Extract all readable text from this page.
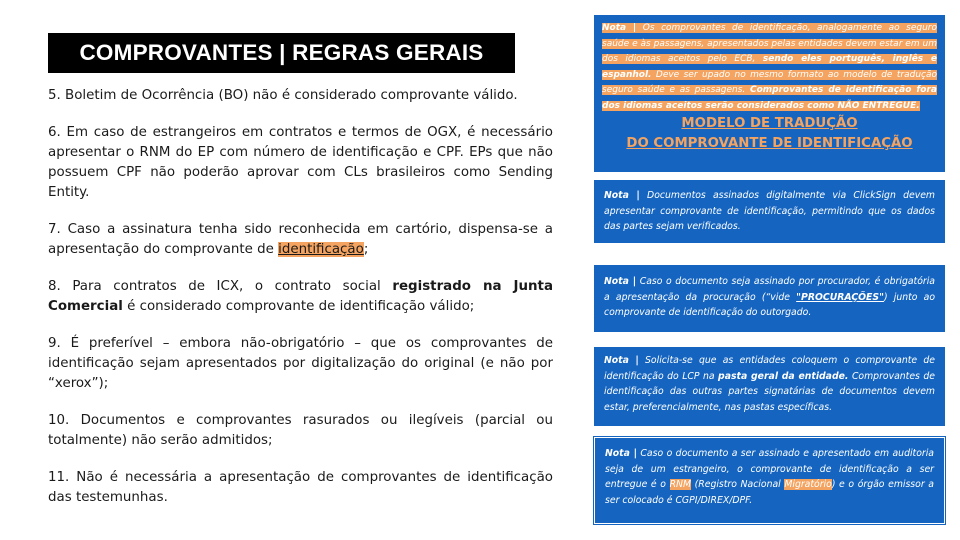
COMPROVANTES | REGRAS GERAIS

5. Boletim de Ocorrência (BO) não é considerado comprovante válido.

6. Em caso de estrangeiros em contratos e termos de OGX, é necessário apresentar o RNM do EP com número de identificação e CPF. EPs que não possuem CPF não poderão aprovar com CLs brasileiros como Sending Entity.

7. Caso a assinatura tenha sido reconhecida em cartório, dispensa-se a apresentação do comprovante de identificação;

8. Para contratos de ICX, o contrato social registrado na Junta Comercial é considerado comprovante de identificação válido;

9. É preferível – embora não-obrigatório – que os comprovantes de identificação sejam apresentados por digitalização do original (e não por “xerox”);

10. Documentos e comprovantes rasurados ou ilegíveis (parcial ou totalmente) não serão admitidos;

11. Não é necessária a apresentação de comprovantes de identificação das testemunhas.

Nota | Os comprovantes de identificação, analogamente ao seguro saúde e às passagens, apresentados pelas entidades devem estar em um dos idiomas aceitos pelo ECB, sendo eles português, inglês e espanhol. Deve ser upado no mesmo formato ao modelo de tradução seguro saúde e as passagens. Comprovantes de identificação fora dos idiomas aceitos serão considerados como NÃO ENTREGUE.
MODELO DE TRADUÇÃO
DO COMPROVANTE DE IDENTIFICAÇÃO
Nota | Documentos assinados digitalmente via ClickSign devem apresentar comprovante de identificação, permitindo que os dados das partes sejam verificados.
Nota | Caso o documento seja assinado por procurador, é obrigatória a apresentação da procuração (“vide "PROCURAÇÕES") junto ao comprovante de identificação do outorgado.
Nota | Solicita-se que as entidades coloquem o comprovante de identificação do LCP na pasta geral da entidade. Comprovantes de identificação das outras partes signatárias de documentos devem estar, preferencialmente, nas pastas específicas.
Nota | Caso o documento a ser assinado e apresentado em auditoria seja de um estrangeiro, o comprovante de identificação a ser entregue é o RNM (Registro Nacional Migratório) e o órgão emissor a ser colocado é CGPI/DIREX/DPF.
